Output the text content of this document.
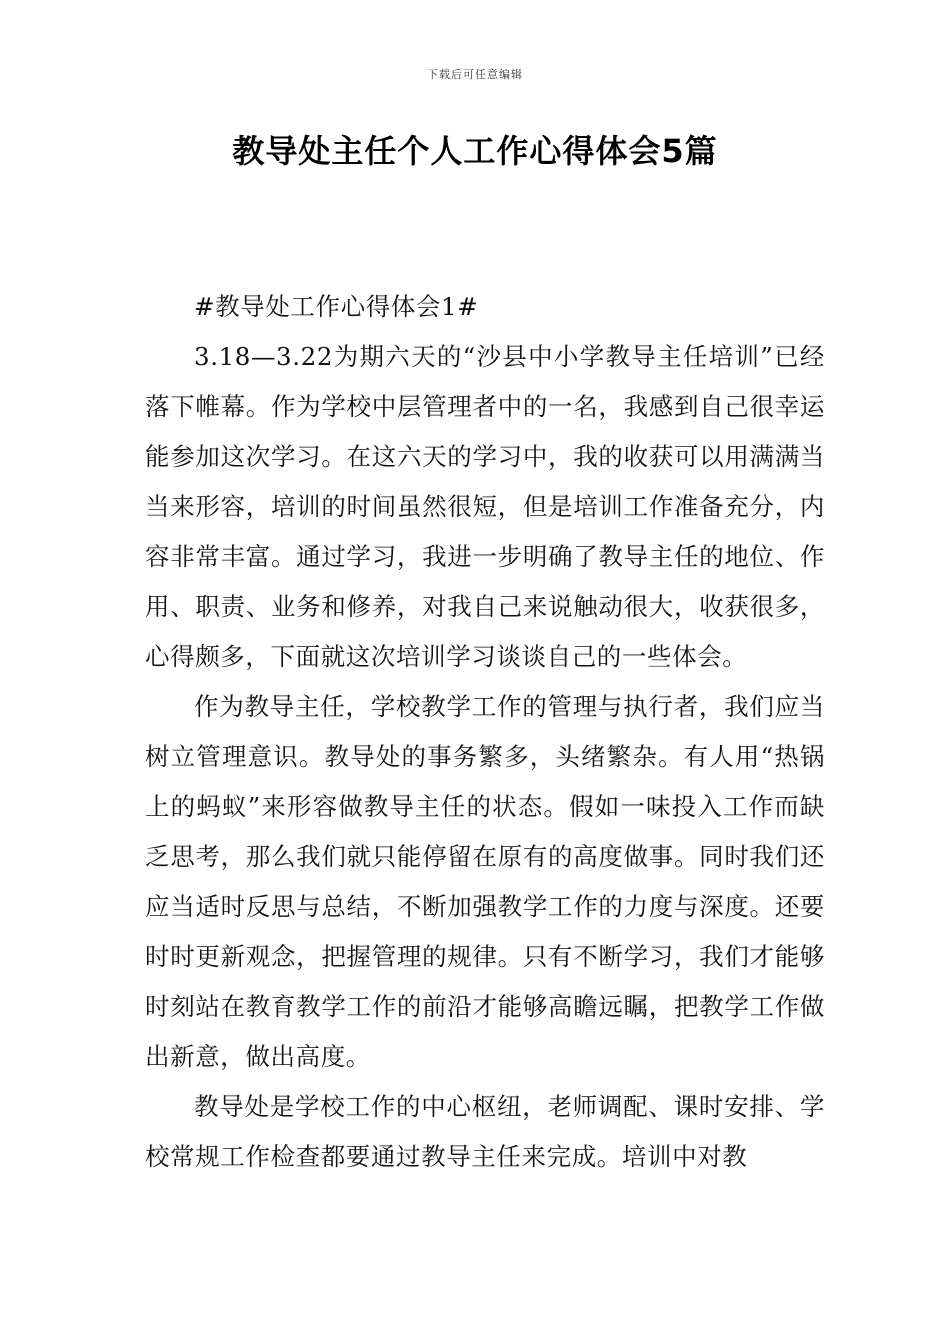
下载后可任意编辑
教导处主任个人工作心得体会5篇

#教导处工作心得体会1#

3.18—3.22为期六天的“沙县中小学教导主任培训”已经落下帷幕。作为学校中层管理者中的一名，我感到自己很幸运能参加这次学习。在这六天的学习中，我的收获可以用满满当当来形容，培训的时间虽然很短，但是培训工作准备充分，内容非常丰富。通过学习，我进一步明确了教导主任的地位、作用、职责、业务和修养，对我自己来说触动很大，收获很多，心得颇多，下面就这次培训学习谈谈自己的一些体会。

作为教导主任，学校教学工作的管理与执行者，我们应当树立管理意识。教导处的事务繁多，头绪繁杂。有人用“热锅上的蚂蚁”来形容做教导主任的状态。假如一味投入工作而缺乏思考，那么我们就只能停留在原有的高度做事。同时我们还应当适时反思与总结，不断加强教学工作的力度与深度。还要时时更新观念，把握管理的规律。只有不断学习，我们才能够时刻站在教育教学工作的前沿才能够高瞻远瞩，把教学工作做出新意，做出高度。

教导处是学校工作的中心枢纽，老师调配、课时安排、学校常规工作检查都要通过教导主任来完成。培训中对教
